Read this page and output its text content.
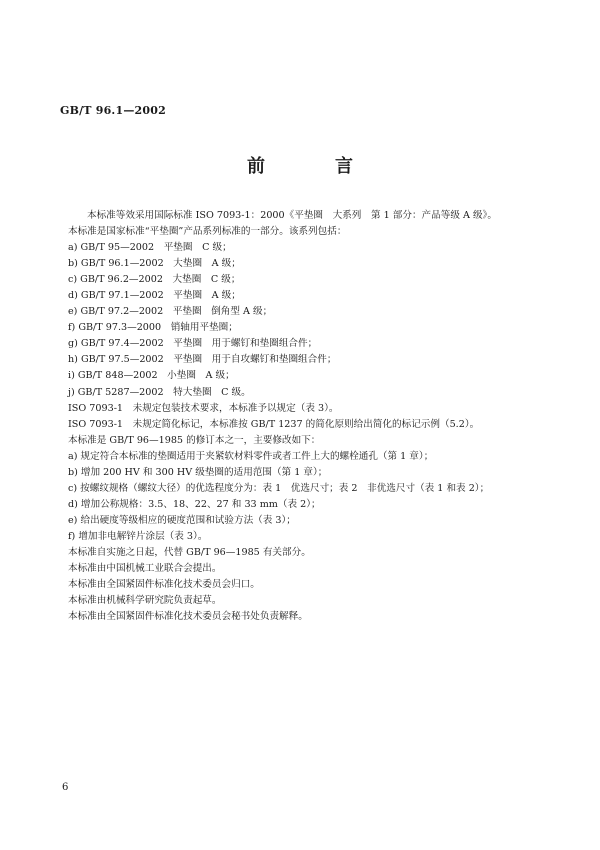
GB/T 96.1—2002
前　言
本标准等效采用国际标准 ISO 7093-1：2000《平垫圈　大系列　第 1 部分：产品等级 A 级》。
本标准是国家标准“平垫圈”产品系列标准的一部分。该系列包括：
a) GB/T 95—2002　平垫圈　C 级；
b) GB/T 96.1—2002　大垫圈　A 级；
c) GB/T 96.2—2002　大垫圈　C 级；
d) GB/T 97.1—2002　平垫圈　A 级；
e) GB/T 97.2—2002　平垫圈　倒角型 A 级；
f) GB/T 97.3—2000　销轴用平垫圈；
g) GB/T 97.4—2002　平垫圈　用于螺钉和垫圈组合件；
h) GB/T 97.5—2002　平垫圈　用于自攻螺钉和垫圈组合件；
i) GB/T 848—2002　小垫圈　A 级；
j) GB/T 5287—2002　特大垫圈　C 级。
ISO 7093-1　未规定包装技术要求，本标准予以规定（表 3）。
ISO 7093-1　未规定简化标记，本标准按 GB/T 1237 的简化原则给出简化的标记示例（5.2）。
本标准是 GB/T 96—1985 的修订本之一，主要修改如下：
a) 规定符合本标准的垫圈适用于夹紧软材料零件或者工件上大的螺栓通孔（第 1 章）；
b) 增加 200 HV 和 300 HV 级垫圈的适用范围（第 1 章）；
c) 按螺纹规格（螺纹大径）的优选程度分为：表 1　优选尺寸；表 2　非优选尺寸（表 1 和表 2）；
d) 增加公称规格：3.5、18、22、27 和 33 mm（表 2）；
e) 给出硬度等级相应的硬度范围和试验方法（表 3）；
f) 增加非电解锌片涂层（表 3）。
本标准自实施之日起，代替 GB/T 96—1985 有关部分。
本标准由中国机械工业联合会提出。
本标准由全国紧固件标准化技术委员会归口。
本标准由机械科学研究院负责起草。
本标准由全国紧固件标准化技术委员会秘书处负责解释。
6
